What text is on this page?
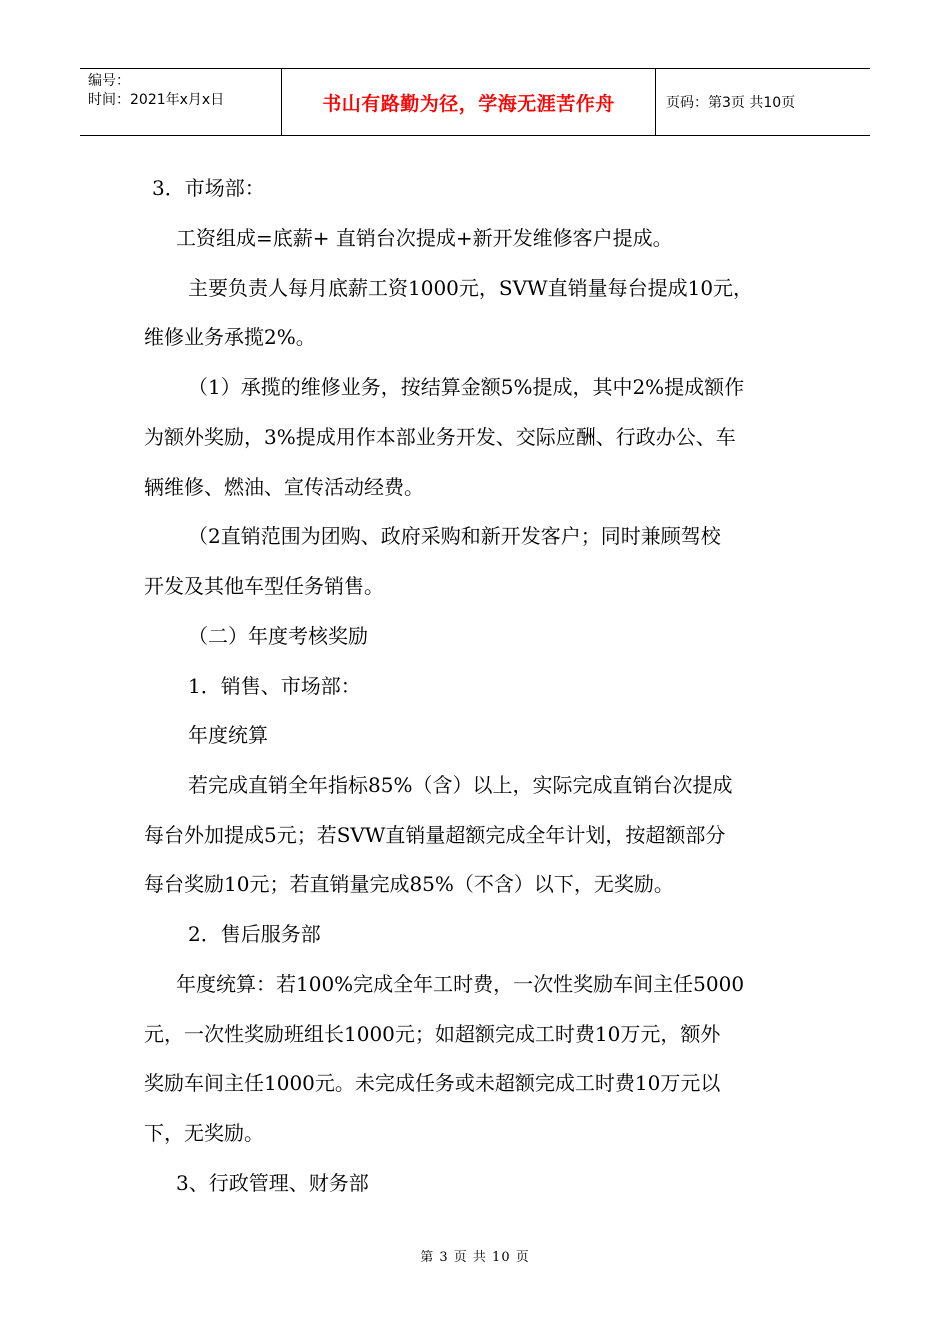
编号：
时间：2021年x月x日	书山有路勤为径，学海无涯苦作舟	页码：第3页 共10页
3．市场部：
工资组成=底薪+ 直销台次提成+新开发维修客户提成。
主要负责人每月底薪工资1000元，SVW直销量每台提成10元，
维修业务承揽2%。
（1）承揽的维修业务，按结算金额5%提成，其中2%提成额作
为额外奖励，3%提成用作本部业务开发、交际应酬、行政办公、车
辆维修、燃油、宣传活动经费。
（2直销范围为团购、政府采购和新开发客户；同时兼顾驾校
开发及其他车型任务销售。
（二）年度考核奖励
1．销售、市场部：
年度统算
若完成直销全年指标85%（含）以上，实际完成直销台次提成
每台外加提成5元；若SVW直销量超额完成全年计划，按超额部分
每台奖励10元；若直销量完成85%（不含）以下，无奖励。
2．售后服务部
年度统算：若100%完成全年工时费，一次性奖励车间主任5000
元，一次性奖励班组长1000元；如超额完成工时费10万元，额外
奖励车间主任1000元。未完成任务或未超额完成工时费10万元以
下，无奖励。
3、行政管理、财务部
第 3 页 共 10 页
